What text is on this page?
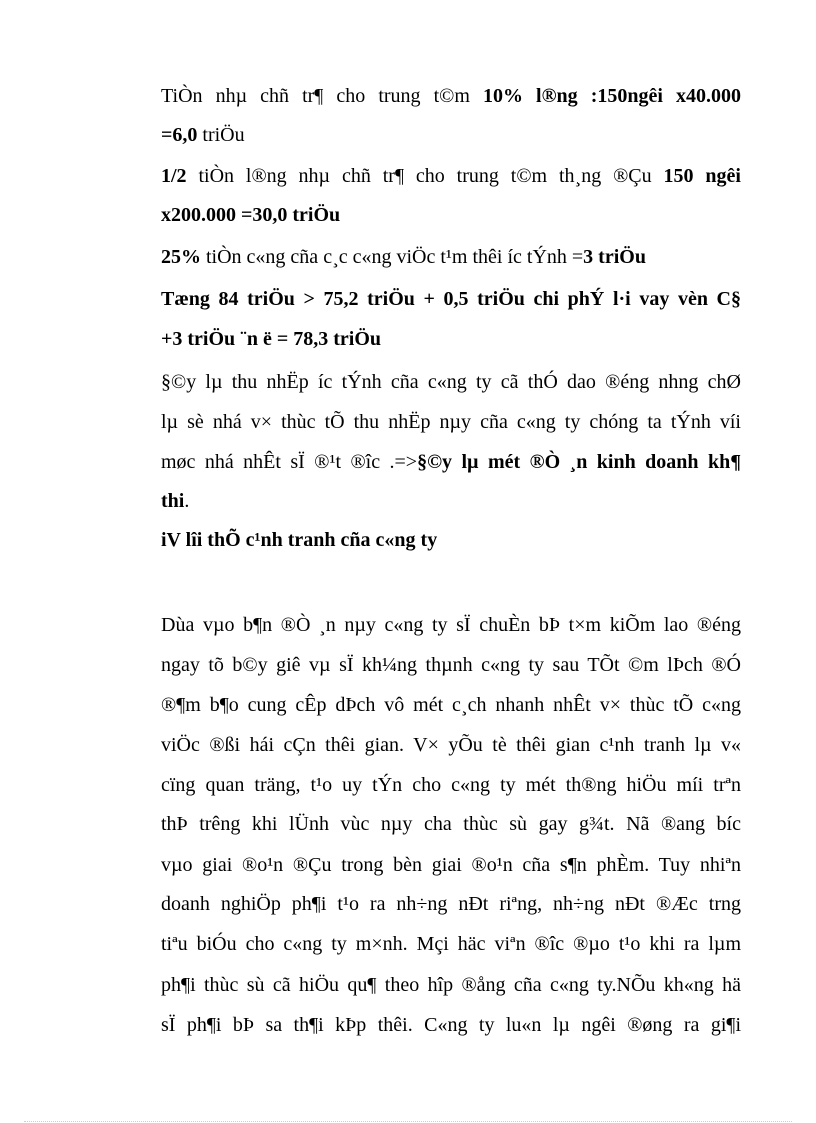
TiÒn nhµ chñ tr¶ cho trung t©m 10% l®ng :150ngêi x40.000
=6,0 triÖu
1/2 tiÒn l®ng nhµ chñ tr¶ cho trung t©m th¸ng ®Çu 150 ngêi
x200.000 =30,0 triÖu
25% tiÒn c«ng cña c¸c c«ng viÖc t¹m thêi íc tÝnh =3 triÖu
Tæng 84 triÖu > 75,2 triÖu + 0,5 triÖu chi phÝ l·i vay vèn C§
+3 triÖu ¨n ë = 78,3 triÖu
§©y lµ thu nhËp íc tÝnh cña c«ng ty cã thÓ dao ®éng nhng chØ
lµ sè nhá v× thùc tÕ thu nhËp nµy cña c«ng ty chóng ta tÝnh víi
møc nhá nhÊt sÏ ®¹t ®îc .=>§©y lµ mét ®Ò ¸n kinh doanh kh¶
thi.
iV lîi thÕ c¹nh tranh cña c«ng ty
Dùa vµo b¶n ®Ò ¸n nµy c«ng ty sÏ chuÈn bÞ t×m kiÕm lao ®éng
ngay tõ b©y giê vµ sÏ kh¼ng thµnh c«ng ty sau TÕt ©m lÞch ®Ó
®¶m b¶o cung cÊp dÞch vô mét c¸ch nhanh nhÊt v× thùc tÕ c«ng
viÖc ®ßi hái cÇn thêi gian. V× yÕu tè thêi gian c¹nh tranh lµ v«
cïng quan träng, t¹o uy tÝn cho c«ng ty mét th®ng hiÖu míi trªn
thÞ trêng khi lÜnh vùc nµy cha thùc sù gay g¾t. Nã ®ang bíc
vµo giai ®o¹n ®Çu trong bèn giai ®o¹n cña s¶n phÈm. Tuy nhiªn
doanh nghiÖp ph¶i t¹o ra nh÷ng nÐt riªng, nh÷ng nÐt ®Æc trng
tiªu biÓu cho c«ng ty m×nh. Mçi häc viªn ®îc ®µo t¹o khi ra lµm
ph¶i thùc sù cã hiÖu qu¶ theo hîp ®ång cña c«ng ty.NÕu kh«ng hä
sÏ ph¶i bÞ sa th¶i kÞp thêi. C«ng ty lu«n lµ ngêi ®øng ra gi¶i
